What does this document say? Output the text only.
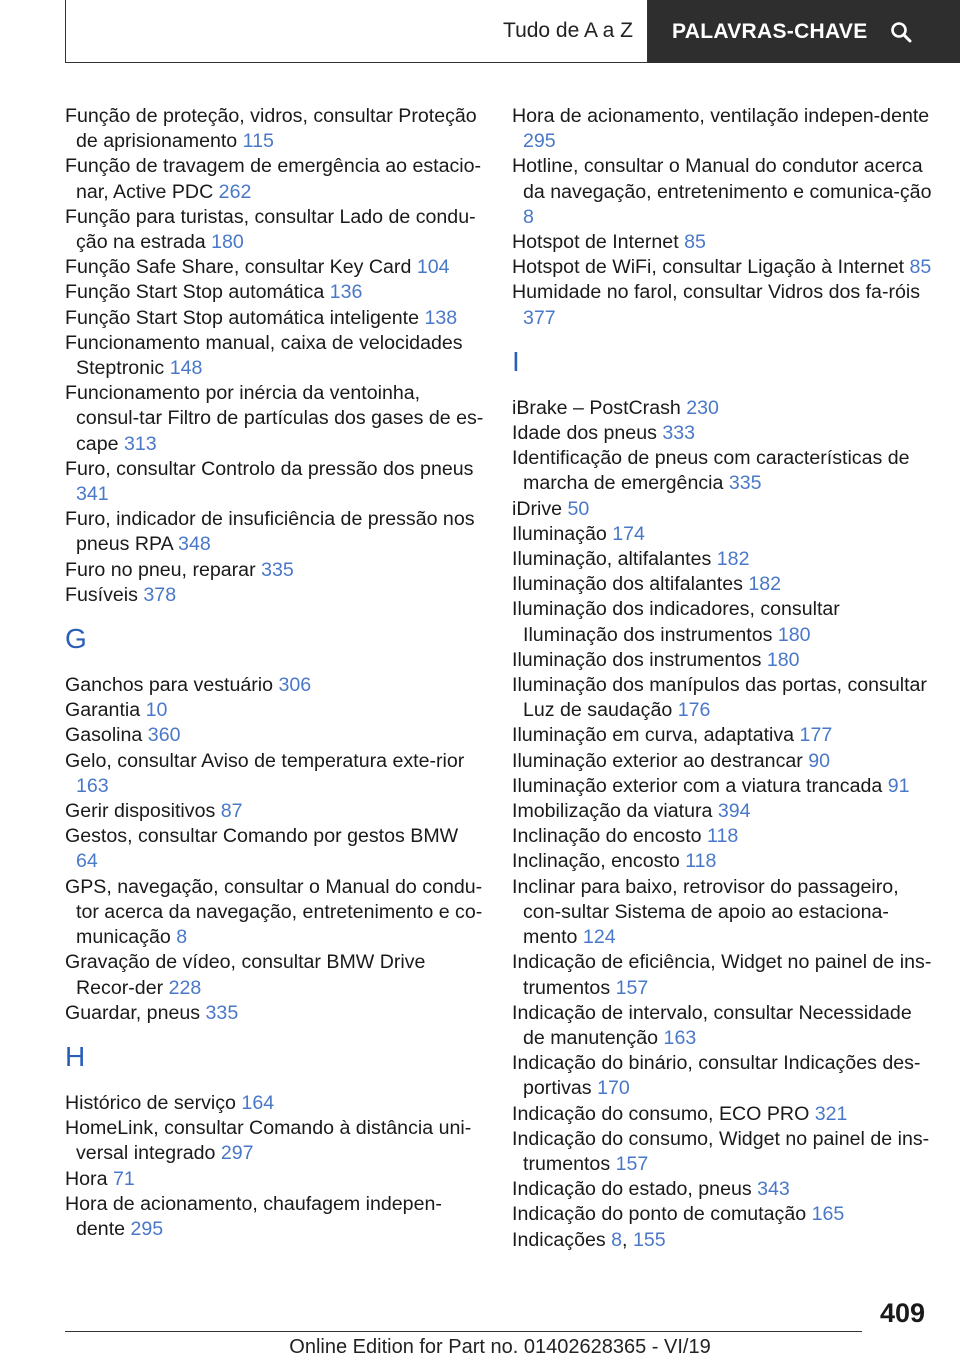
Tudo de A a Z PALAVRAS-CHAVE
Função de proteção, vidros, consultar Proteção de aprisionamento 115
Função de travagem de emergência ao estacio‐nar, Active PDC 262
Função para turistas, consultar Lado de condu‐ção na estrada 180
Função Safe Share, consultar Key Card 104
Função Start Stop automática 136
Função Start Stop automática inteligente 138
Funcionamento manual, caixa de velocidades Steptronic 148
Funcionamento por inércia da ventoinha, consul‐tar Filtro de partículas dos gases de es‐cape 313
Furo, consultar Controlo da pressão dos pneus 341
Furo, indicador de insuficiência de pressão nos pneus RPA 348
Furo no pneu, reparar 335
Fusíveis 378
G
Ganchos para vestuário 306
Garantia 10
Gasolina 360
Gelo, consultar Aviso de temperatura exte‐rior 163
Gerir dispositivos 87
Gestos, consultar Comando por gestos BMW 64
GPS, navegação, consultar o Manual do condu‐tor acerca da navegação, entretenimento e co‐municação 8
Gravação de vídeo, consultar BMW Drive Recor‐der 228
Guardar, pneus 335
H
Histórico de serviço 164
HomeLink, consultar Comando à distância uni‐versal integrado 297
Hora 71
Hora de acionamento, chaufagem indepen‐dente 295
Hora de acionamento, ventilação indepen‐dente 295
Hotline, consultar o Manual do condutor acerca da navegação, entretenimento e comunica‐ção 8
Hotspot de Internet 85
Hotspot de WiFi, consultar Ligação à Internet 85
Humidade no farol, consultar Vidros dos fa‐róis 377
I
iBrake – PostCrash 230
Idade dos pneus 333
Identificação de pneus com características de marcha de emergência 335
iDrive 50
Iluminação 174
Iluminação, altifalantes 182
Iluminação dos altifalantes 182
Iluminação dos indicadores, consultar Iluminação dos instrumentos 180
Iluminação dos instrumentos 180
Iluminação dos manípulos das portas, consultar Luz de saudação 176
Iluminação em curva, adaptativa 177
Iluminação exterior ao destrancar 90
Iluminação exterior com a viatura trancada 91
Imobilização da viatura 394
Inclinação do encosto 118
Inclinação, encosto 118
Inclinar para baixo, retrovisor do passageiro, con‐sultar Sistema de apoio ao estaciona‐mento 124
Indicação de eficiência, Widget no painel de ins‐trumentos 157
Indicação de intervalo, consultar Necessidade de manutenção 163
Indicação do binário, consultar Indicações des‐portivas 170
Indicação do consumo, ECO PRO 321
Indicação do consumo, Widget no painel de ins‐trumentos 157
Indicação do estado, pneus 343
Indicação do ponto de comutação 165
Indicações 8, 155
409
Online Edition for Part no. 01402628365 - VI/19
